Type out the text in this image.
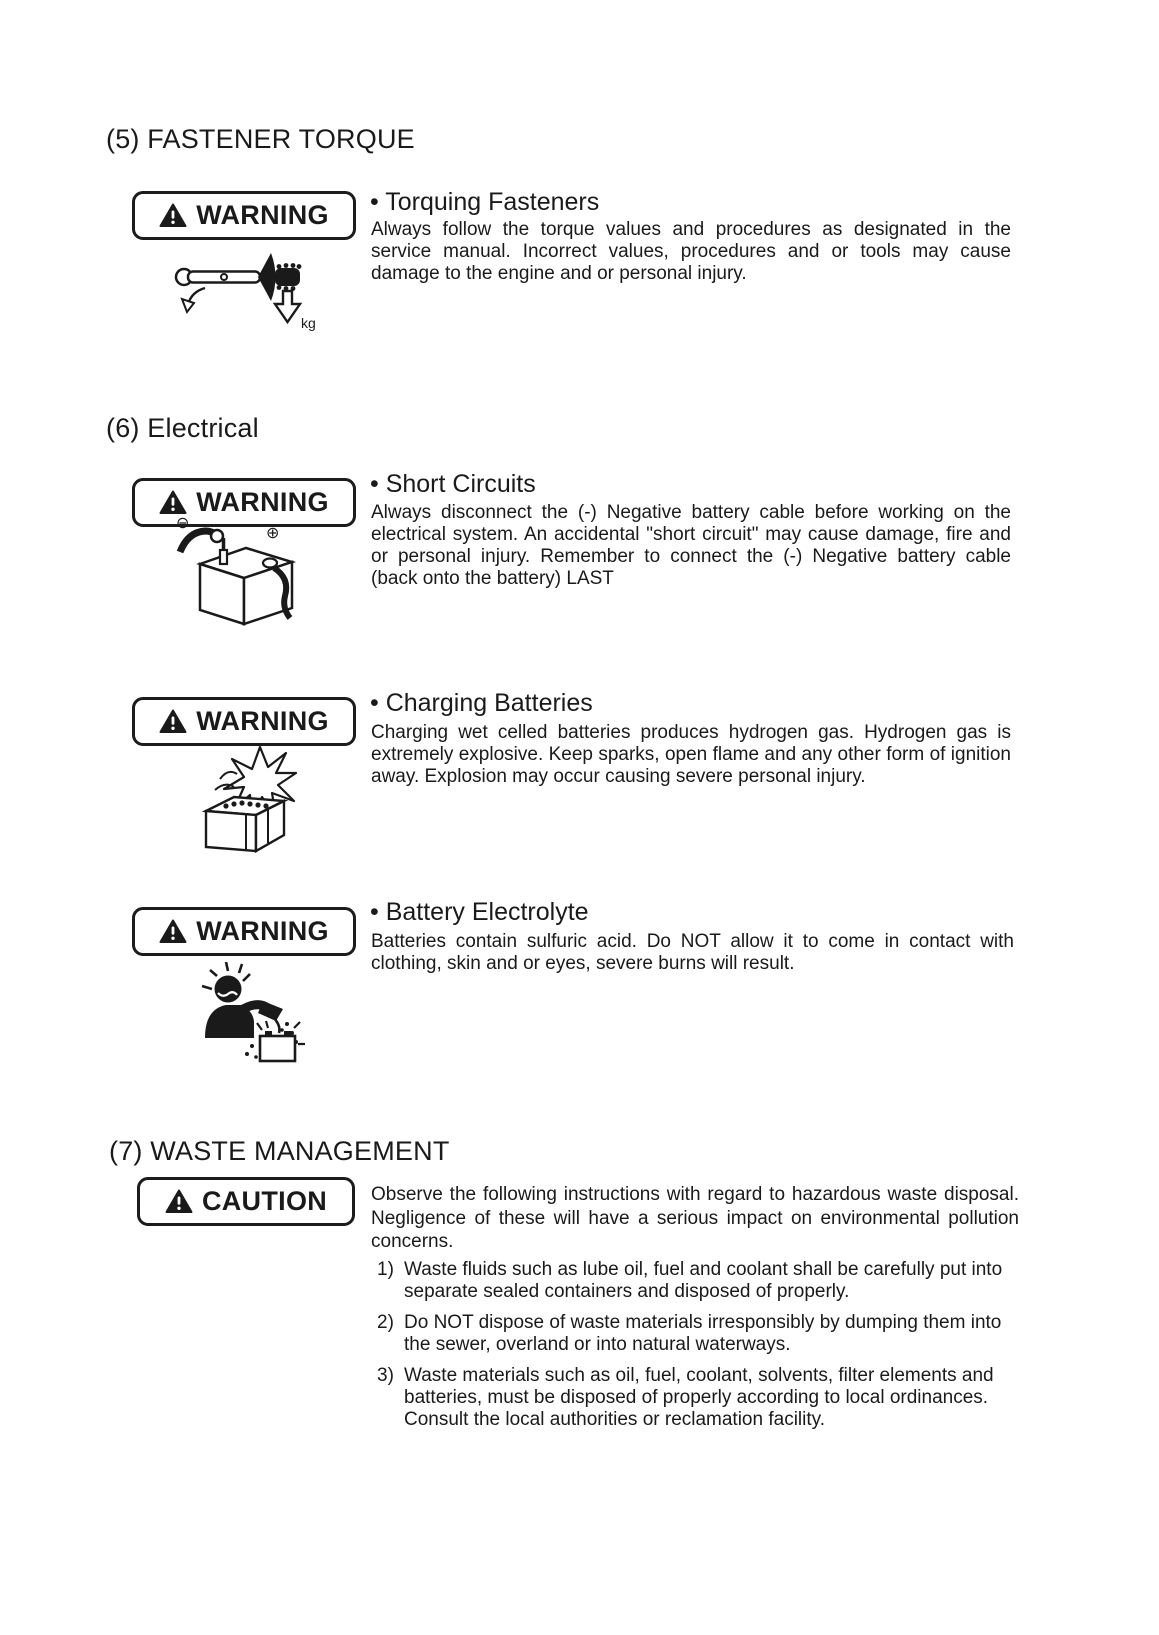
(5) FASTENER TORQUE
WARNING
kg
• Torquing Fasteners
Always follow the torque values and procedures as designated in the service manual. Incorrect values, procedures and or tools may cause damage to the engine and or personal injury.
(6) Electrical
WARNING
⊖
⊕
• Short Circuits
Always disconnect the (-) Negative battery cable before working on the electrical system. An accidental "short circuit" may cause damage, fire and or personal injury. Remember to connect the (-) Negative battery cable (back onto the battery) LAST
WARNING
• Charging Batteries
Charging wet celled batteries produces hydrogen gas. Hydrogen gas is extremely explosive. Keep sparks, open flame and any other form of ignition away. Explosion may occur causing severe personal injury.
WARNING
• Battery Electrolyte
Batteries contain sulfuric acid. Do NOT allow it to come in contact with clothing, skin and or eyes, severe burns will result.
(7) WASTE MANAGEMENT
CAUTION Observe the following instructions with regard to hazardous waste disposal. Negligence of these will have a serious impact on environmental pollution concerns.
1) Waste fluids such as lube oil, fuel and coolant shall be carefully put into separate sealed containers and disposed of properly.
2) Do NOT dispose of waste materials irresponsibly by dumping them into the sewer, overland or into natural waterways.
3) Waste materials such as oil, fuel, coolant, solvents, filter elements and batteries, must be disposed of properly according to local ordinances. Consult the local authorities or reclamation facility.
